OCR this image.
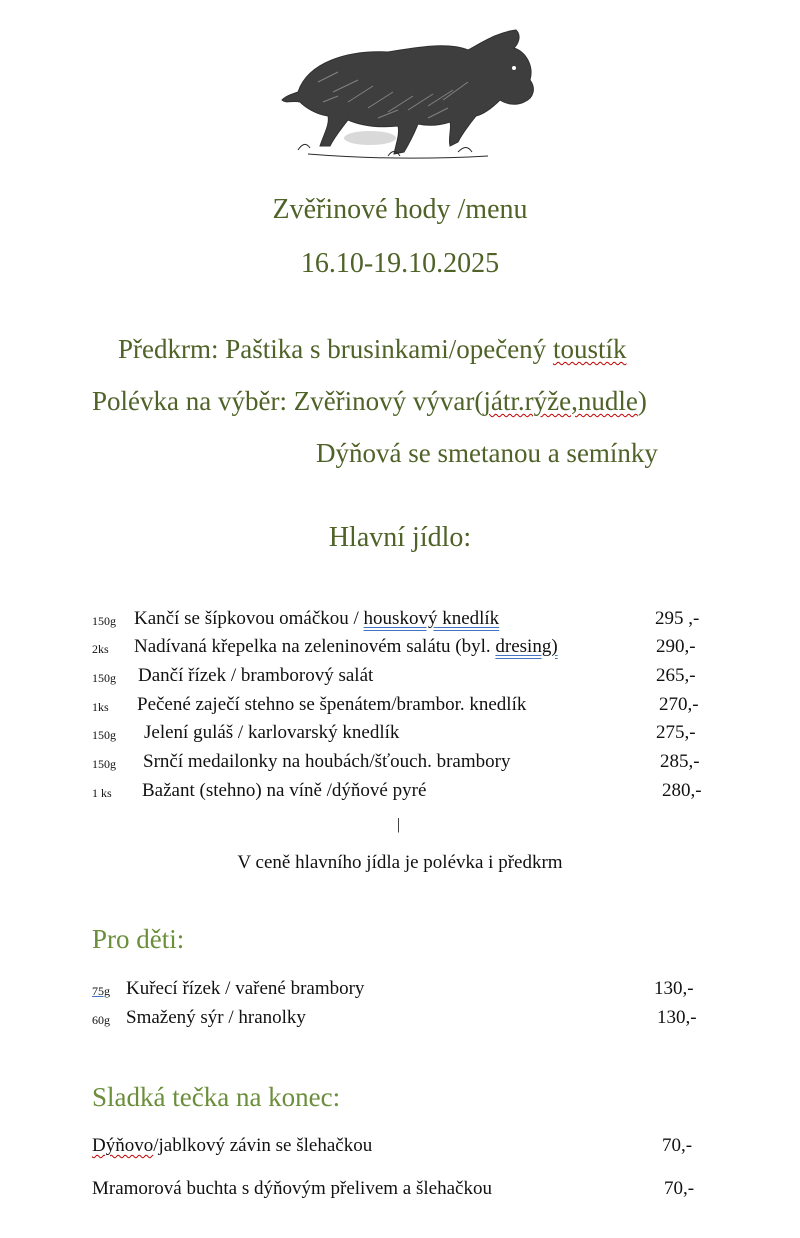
Zvěřinové hody /menu
16.10-19.10.2025
Předkrm: Paštika s brusinkami/opečený toustík
Polévka na výběr: Zvěřinový vývar(játr.rýže,nudle)
Dýňová se smetanou a semínky
Hlavní jídlo:
150g Kančí se šípkovou omáčkou / houskový knedlík	295 ,-
2ks Nadívaná křepelka na zeleninovém salátu (byl. dresing)	290,-
150g Dančí řízek / bramborový salát	265,-
1ks Pečené zaječí stehno se špenátem/brambor. knedlík	270,-
150g Jelení guláš / karlovarský knedlík	275,-
150g Srnčí medailonky na houbách/šťouch. brambory	285,-
1 ks Bažant (stehno) na víně /dýňové pyré	280,-
|
V ceně hlavního jídla je polévka i předkrm
Pro děti:
75g Kuřecí řízek / vařené brambory	130,-
60g Smažený sýr / hranolky	130,-
Sladká tečka na konec:
Dýňovo/jablkový závin se šlehačkou	70,-
Mramorová buchta s dýňovým přelivem a šlehačkou	70,-
